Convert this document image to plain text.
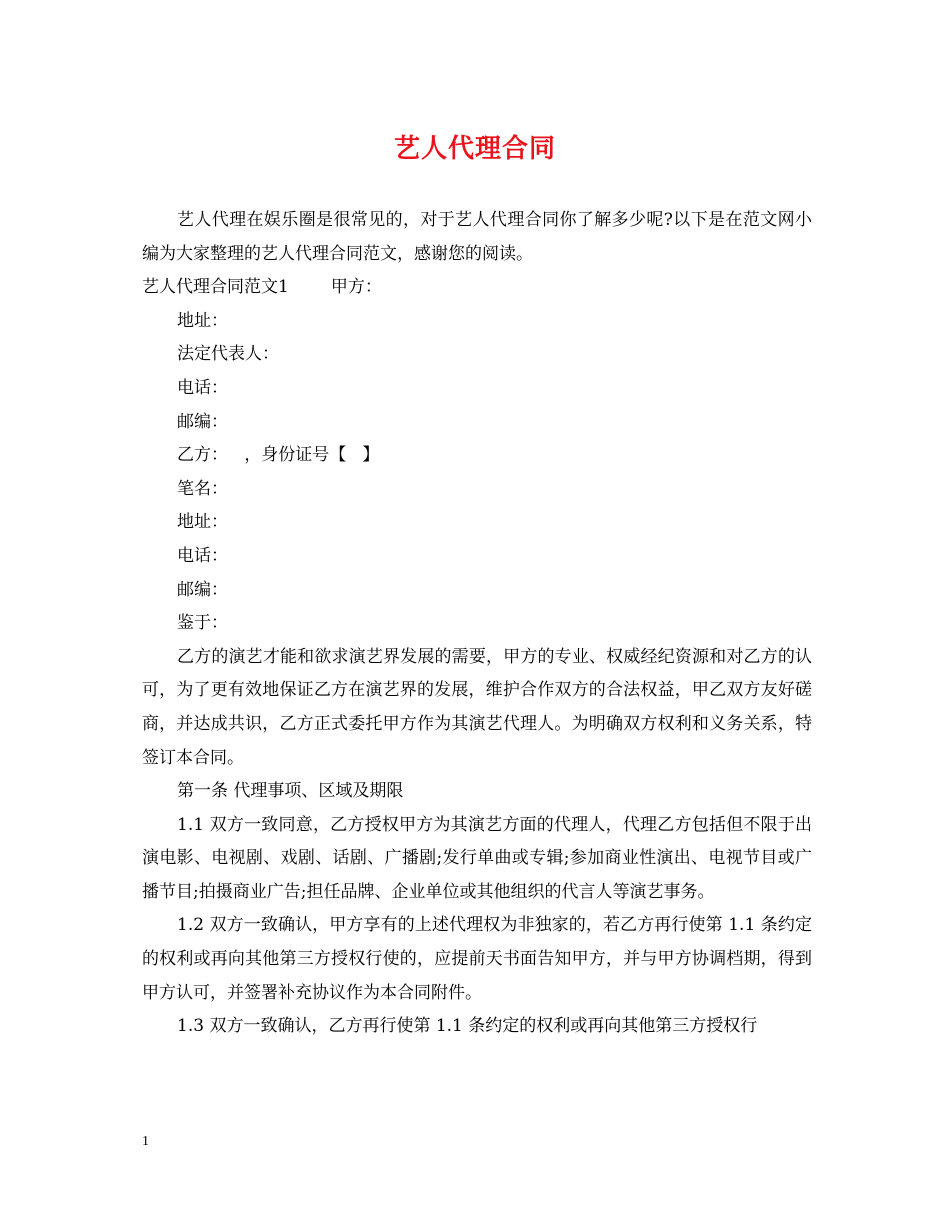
艺人代理合同

艺人代理在娱乐圈是很常见的，对于艺人代理合同你了解多少呢?以下是在范文网小编为大家整理的艺人代理合同范文，感谢您的阅读。

艺人代理合同范文1 甲方：

地址：

法定代表人：

电话：

邮编：

乙方：   ，身份证号【   】

笔名：

地址：

电话：

邮编：

鉴于：

乙方的演艺才能和欲求演艺界发展的需要，甲方的专业、权威经纪资源和对乙方的认可，为了更有效地保证乙方在演艺界的发展，维护合作双方的合法权益，甲乙双方友好磋商，并达成共识，乙方正式委托甲方作为其演艺代理人。为明确双方权利和义务关系，特签订本合同。

第一条 代理事项、区域及期限

1.1 双方一致同意，乙方授权甲方为其演艺方面的代理人，代理乙方包括但不限于出演电影、电视剧、戏剧、话剧、广播剧;发行单曲或专辑;参加商业性演出、电视节目或广播节目;拍摄商业广告;担任品牌、企业单位或其他组织的代言人等演艺事务。

1.2 双方一致确认，甲方享有的上述代理权为非独家的，若乙方再行使第 1.1 条约定的权利或再向其他第三方授权行使的，应提前天书面告知甲方，并与甲方协调档期，得到甲方认可，并签署补充协议作为本合同附件。

1.3 双方一致确认，乙方再行使第 1.1 条约定的权利或再向其他第三方授权行

1
